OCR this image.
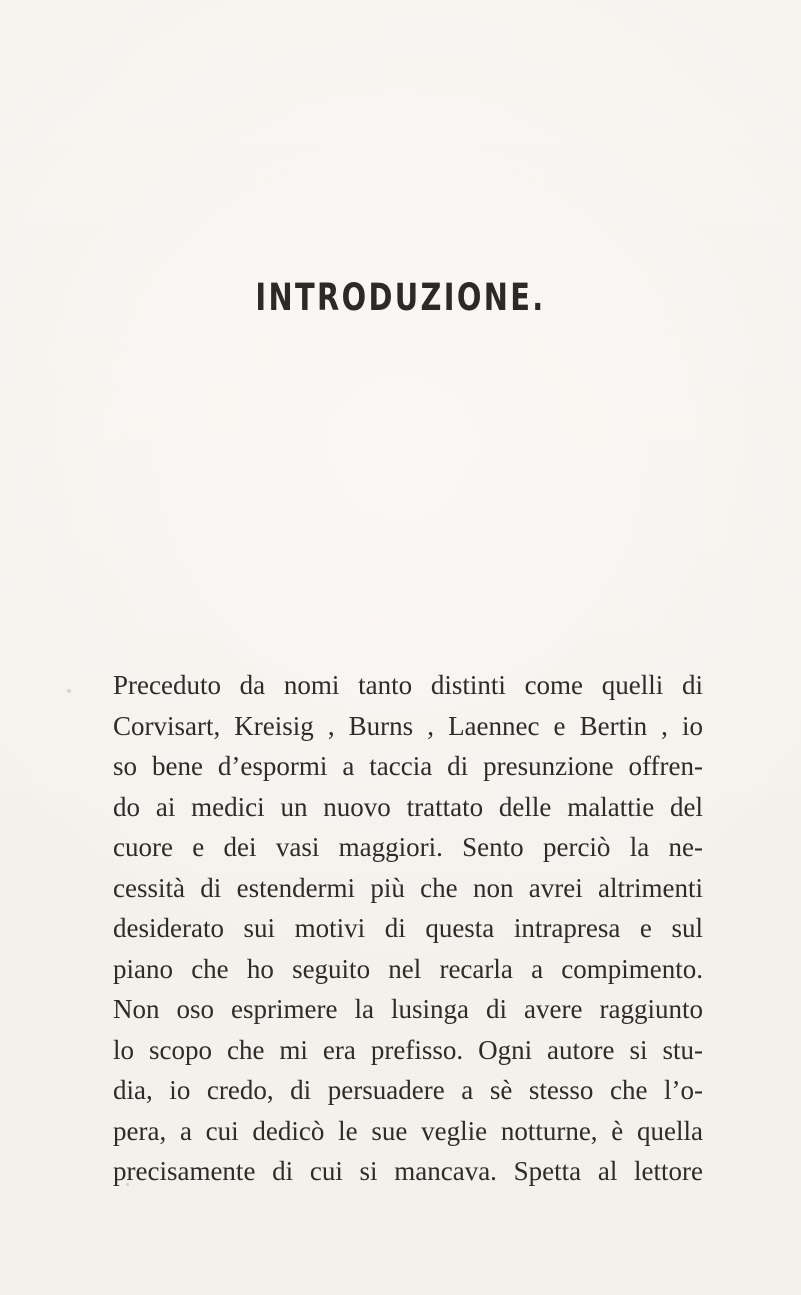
INTRODUZIONE.
Preceduto da nomi tanto distinti come quelli di
Corvisart, Kreisig , Burns , Laennec e Bertin , io
so bene d’espormi a taccia di presunzione offren-
do ai medici un nuovo trattato delle malattie del
cuore e dei vasi maggiori. Sento perciò la ne-
cessità di estendermi più che non avrei altrimenti
desiderato sui motivi di questa intrapresa e sul
piano che ho seguito nel recarla a compimento.
Non oso esprimere la lusinga di avere raggiunto
lo scopo che mi era prefisso. Ogni autore si stu-
dia, io credo, di persuadere a sè stesso che l’o-
pera, a cui dedicò le sue veglie notturne, è quella
precisamente di cui si mancava. Spetta al lettore
